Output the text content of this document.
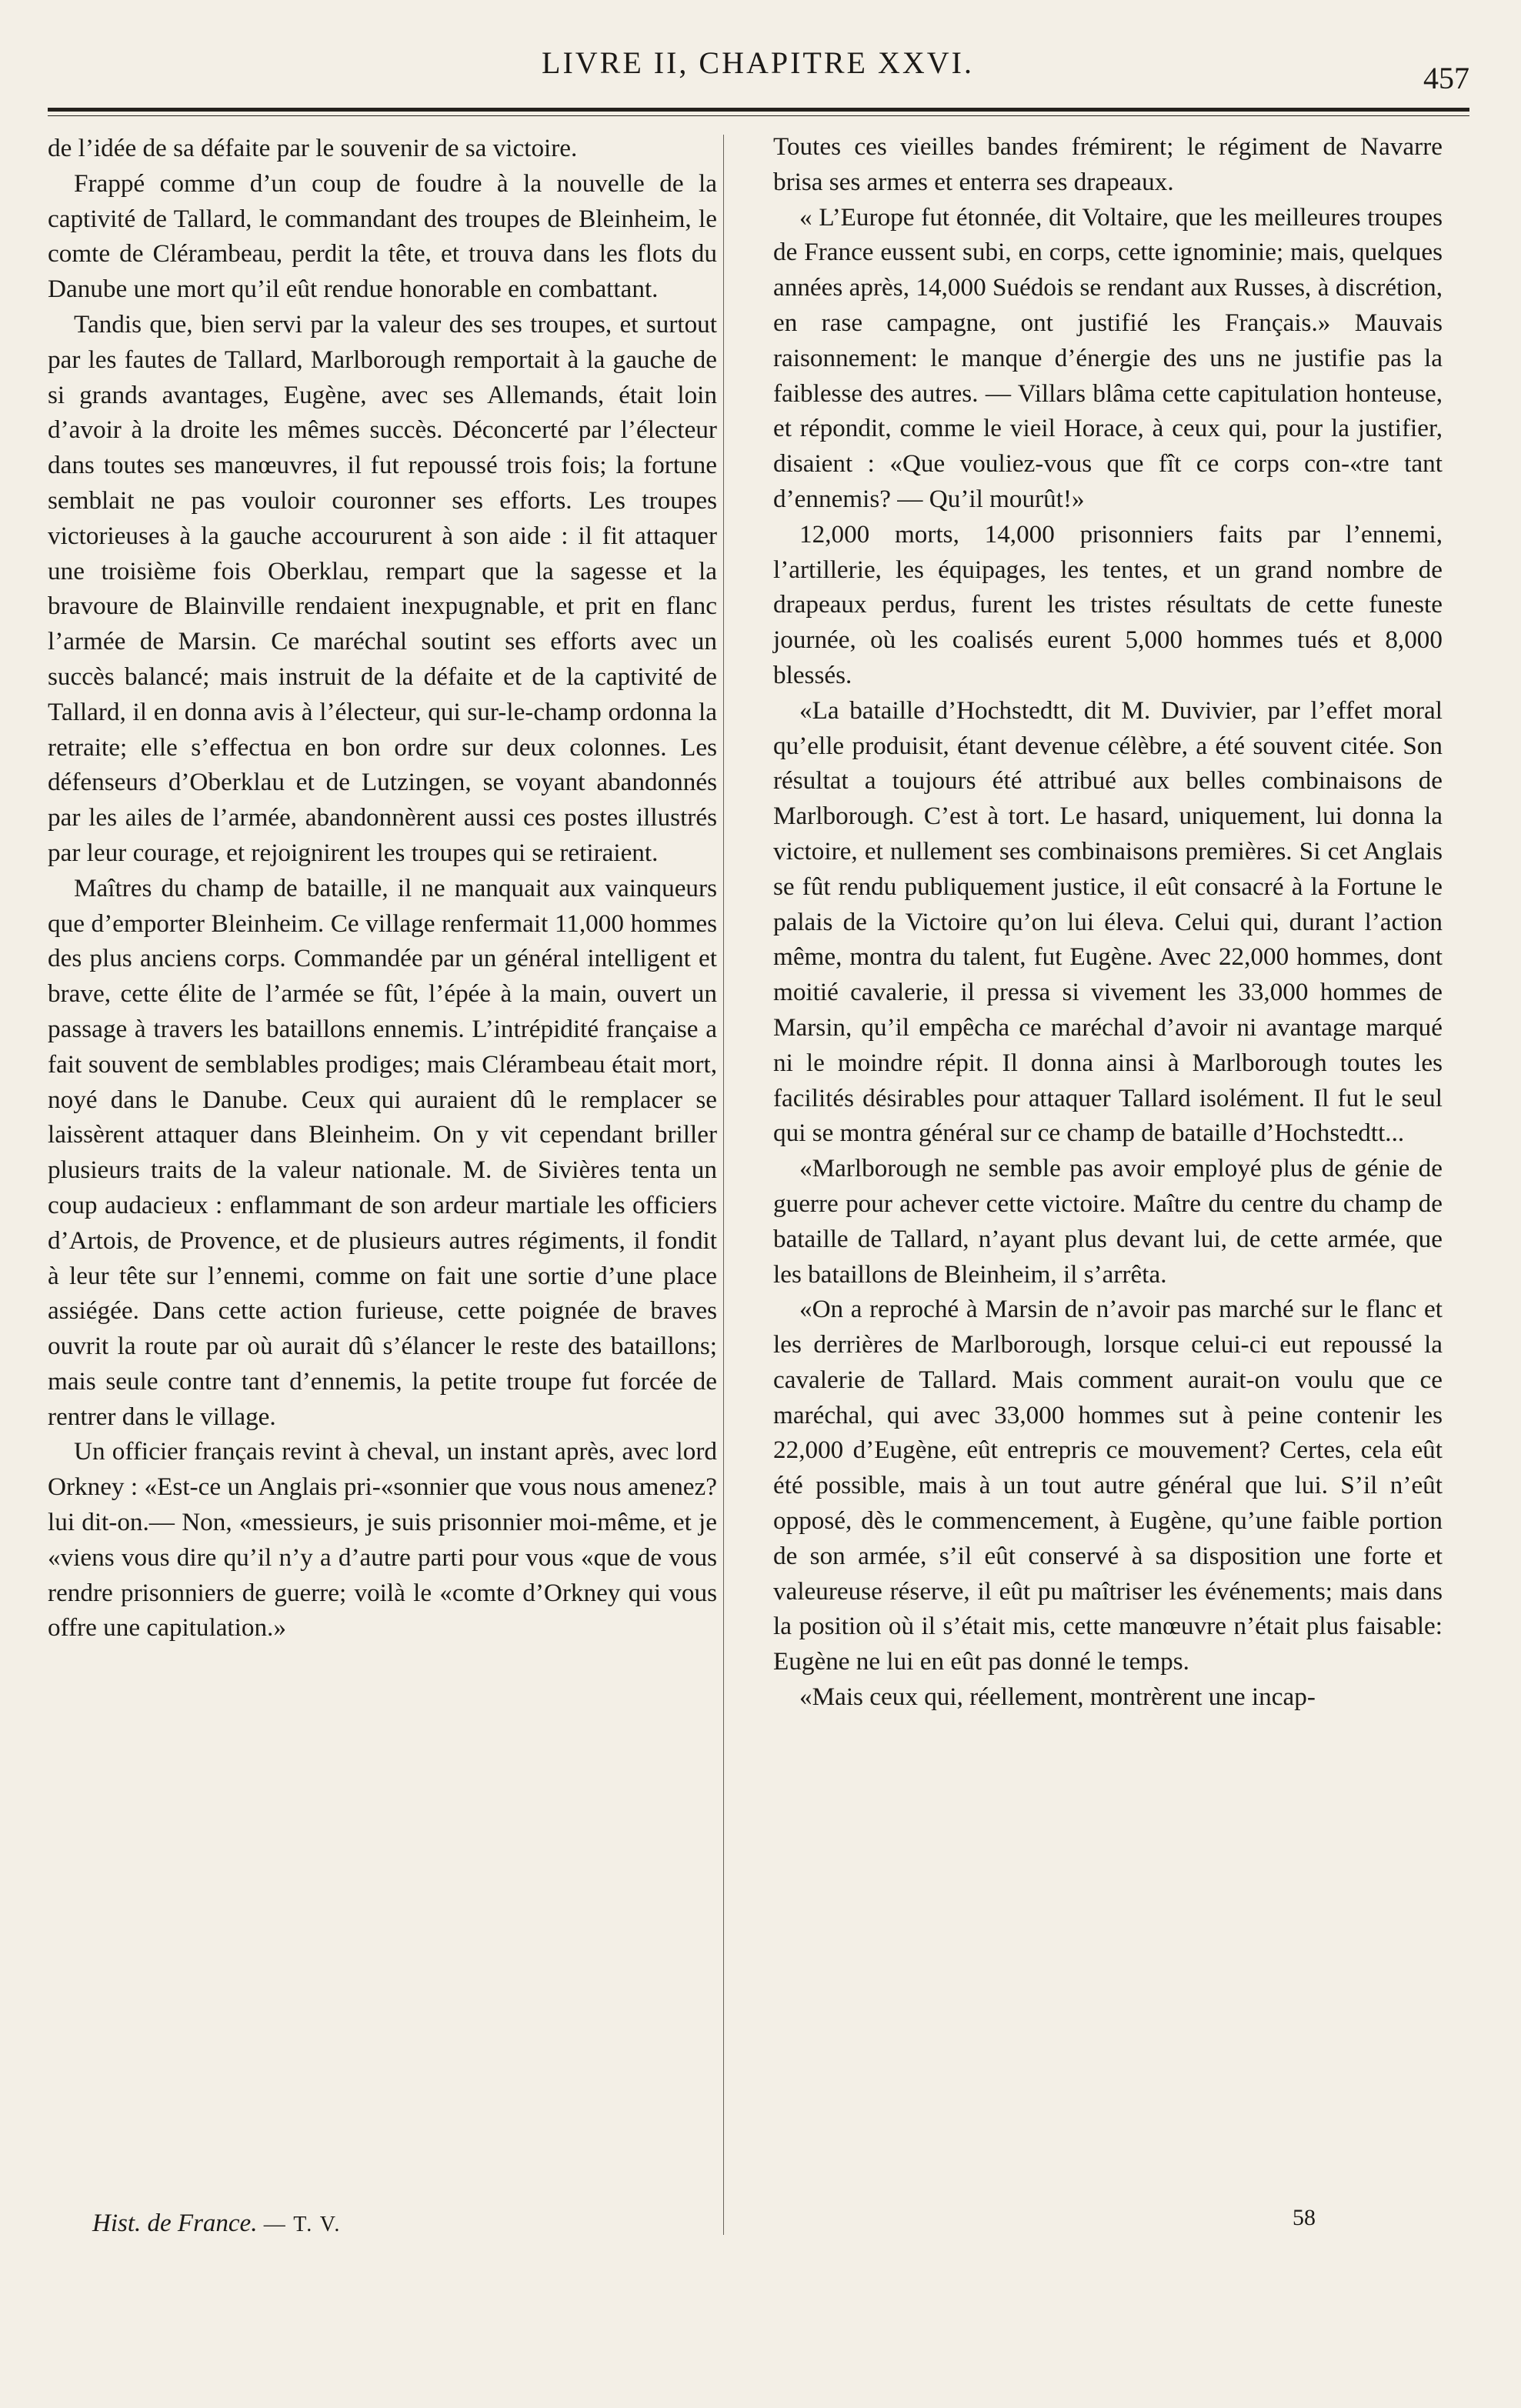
LIVRE II, CHAPITRE XXVI.	457

de l’idée de sa défaite par le souvenir de sa victoire.

Frappé comme d’un coup de foudre à la nouvelle de la captivité de Tallard, le commandant des troupes de Bleinheim, le comte de Clérambeau, perdit la tête, et trouva dans les flots du Danube une mort qu’il eût rendue honorable en combattant.

Tandis que, bien servi par la valeur des ses troupes, et surtout par les fautes de Tallard, Marlborough remportait à la gauche de si grands avantages, Eugène, avec ses Allemands, était loin d’avoir à la droite les mêmes succès. Déconcerté par l’électeur dans toutes ses manœuvres, il fut repoussé trois fois; la fortune semblait ne pas vouloir couronner ses efforts. Les troupes victorieuses à la gauche accoururent à son aide : il fit attaquer une troisième fois Oberklau, rempart que la sagesse et la bravoure de Blainville rendaient inexpugnable, et prit en flanc l’armée de Marsin. Ce maréchal soutint ses efforts avec un succès balancé; mais instruit de la défaite et de la captivité de Tallard, il en donna avis à l’électeur, qui sur-le-champ ordonna la retraite; elle s’effectua en bon ordre sur deux colonnes. Les défenseurs d’Oberklau et de Lutzingen, se voyant abandonnés par les ailes de l’armée, abandonnèrent aussi ces postes illustrés par leur courage, et rejoignirent les troupes qui se retiraient.

Maîtres du champ de bataille, il ne manquait aux vainqueurs que d’emporter Bleinheim. Ce village renfermait 11,000 hommes des plus anciens corps. Commandée par un général intelligent et brave, cette élite de l’armée se fût, l’épée à la main, ouvert un passage à travers les bataillons ennemis. L’intrépidité française a fait souvent de semblables prodiges; mais Clérambeau était mort, noyé dans le Danube. Ceux qui auraient dû le remplacer se laissèrent attaquer dans Bleinheim. On y vit cependant briller plusieurs traits de la valeur nationale. M. de Sivières tenta un coup audacieux : enflammant de son ardeur martiale les officiers d’Artois, de Provence, et de plusieurs autres régiments, il fondit à leur tête sur l’ennemi, comme on fait une sortie d’une place assiégée. Dans cette action furieuse, cette poignée de braves ouvrit la route par où aurait dû s’élancer le reste des bataillons; mais seule contre tant d’ennemis, la petite troupe fut forcée de rentrer dans le village.

Un officier français revint à cheval, un instant après, avec lord Orkney : «Est-ce un Anglais pri-«sonnier que vous nous amenez? lui dit-on.— Non, «messieurs, je suis prisonnier moi-même, et je «viens vous dire qu’il n’y a d’autre parti pour vous «que de vous rendre prisonniers de guerre; voilà le «comte d’Orkney qui vous offre une capitulation.»

Toutes ces vieilles bandes frémirent; le régiment de Navarre brisa ses armes et enterra ses drapeaux.

« L’Europe fut étonnée, dit Voltaire, que les meilleures troupes de France eussent subi, en corps, cette ignominie; mais, quelques années après, 14,000 Suédois se rendant aux Russes, à discrétion, en rase campagne, ont justifié les Français.» Mauvais raisonnement: le manque d’énergie des uns ne justifie pas la faiblesse des autres. — Villars blâma cette capitulation honteuse, et répondit, comme le vieil Horace, à ceux qui, pour la justifier, disaient : «Que vouliez-vous que fît ce corps con-«tre tant d’ennemis? — Qu’il mourût!»

12,000 morts, 14,000 prisonniers faits par l’ennemi, l’artillerie, les équipages, les tentes, et un grand nombre de drapeaux perdus, furent les tristes résultats de cette funeste journée, où les coalisés eurent 5,000 hommes tués et 8,000 blessés.

«La bataille d’Hochstedtt, dit M. Duvivier, par l’effet moral qu’elle produisit, étant devenue célèbre, a été souvent citée. Son résultat a toujours été attribué aux belles combinaisons de Marlborough. C’est à tort. Le hasard, uniquement, lui donna la victoire, et nullement ses combinaisons premières. Si cet Anglais se fût rendu publiquement justice, il eût consacré à la Fortune le palais de la Victoire qu’on lui éleva. Celui qui, durant l’action même, montra du talent, fut Eugène. Avec 22,000 hommes, dont moitié cavalerie, il pressa si vivement les 33,000 hommes de Marsin, qu’il empêcha ce maréchal d’avoir ni avantage marqué ni le moindre répit. Il donna ainsi à Marlborough toutes les facilités désirables pour attaquer Tallard isolément. Il fut le seul qui se montra général sur ce champ de bataille d’Hochstedtt...

«Marlborough ne semble pas avoir employé plus de génie de guerre pour achever cette victoire. Maître du centre du champ de bataille de Tallard, n’ayant plus devant lui, de cette armée, que les bataillons de Bleinheim, il s’arrêta.

«On a reproché à Marsin de n’avoir pas marché sur le flanc et les derrières de Marlborough, lorsque celui-ci eut repoussé la cavalerie de Tallard. Mais comment aurait-on voulu que ce maréchal, qui avec 33,000 hommes sut à peine contenir les 22,000 d’Eugène, eût entrepris ce mouvement? Certes, cela eût été possible, mais à un tout autre général que lui. S’il n’eût opposé, dès le commencement, à Eugène, qu’une faible portion de son armée, s’il eût conservé à sa disposition une forte et valeureuse réserve, il eût pu maîtriser les événements; mais dans la position où il s’était mis, cette manœuvre n’était plus faisable: Eugène ne lui en eût pas donné le temps.

«Mais ceux qui, réellement, montrèrent une incap-

Hist. de France. — T. V.	58
